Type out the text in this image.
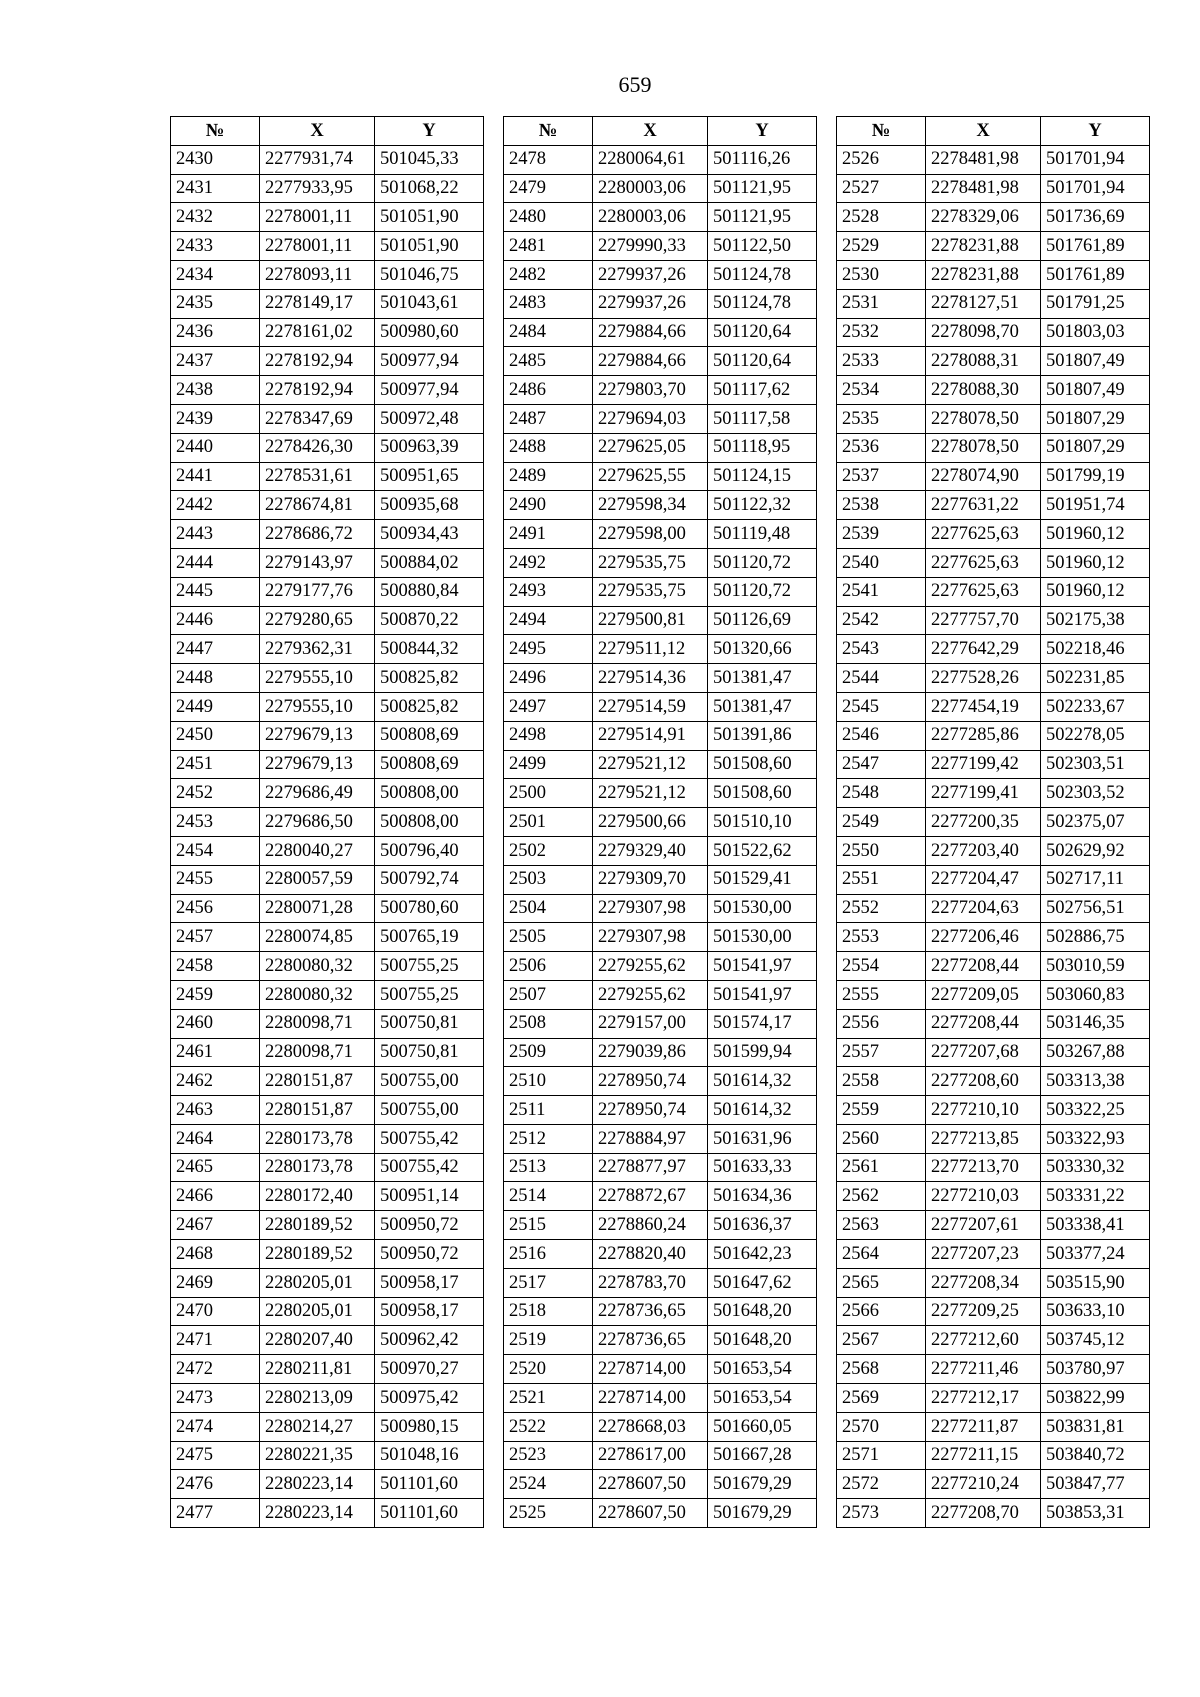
659
№	X	Y
2430	2277931,74	501045,33
2431	2277933,95	501068,22
2432	2278001,11	501051,90
2433	2278001,11	501051,90
2434	2278093,11	501046,75
2435	2278149,17	501043,61
2436	2278161,02	500980,60
2437	2278192,94	500977,94
2438	2278192,94	500977,94
2439	2278347,69	500972,48
2440	2278426,30	500963,39
2441	2278531,61	500951,65
2442	2278674,81	500935,68
2443	2278686,72	500934,43
2444	2279143,97	500884,02
2445	2279177,76	500880,84
2446	2279280,65	500870,22
2447	2279362,31	500844,32
2448	2279555,10	500825,82
2449	2279555,10	500825,82
2450	2279679,13	500808,69
2451	2279679,13	500808,69
2452	2279686,49	500808,00
2453	2279686,50	500808,00
2454	2280040,27	500796,40
2455	2280057,59	500792,74
2456	2280071,28	500780,60
2457	2280074,85	500765,19
2458	2280080,32	500755,25
2459	2280080,32	500755,25
2460	2280098,71	500750,81
2461	2280098,71	500750,81
2462	2280151,87	500755,00
2463	2280151,87	500755,00
2464	2280173,78	500755,42
2465	2280173,78	500755,42
2466	2280172,40	500951,14
2467	2280189,52	500950,72
2468	2280189,52	500950,72
2469	2280205,01	500958,17
2470	2280205,01	500958,17
2471	2280207,40	500962,42
2472	2280211,81	500970,27
2473	2280213,09	500975,42
2474	2280214,27	500980,15
2475	2280221,35	501048,16
2476	2280223,14	501101,60
2477	2280223,14	501101,60
№	X	Y
2478	2280064,61	501116,26
2479	2280003,06	501121,95
2480	2280003,06	501121,95
2481	2279990,33	501122,50
2482	2279937,26	501124,78
2483	2279937,26	501124,78
2484	2279884,66	501120,64
2485	2279884,66	501120,64
2486	2279803,70	501117,62
2487	2279694,03	501117,58
2488	2279625,05	501118,95
2489	2279625,55	501124,15
2490	2279598,34	501122,32
2491	2279598,00	501119,48
2492	2279535,75	501120,72
2493	2279535,75	501120,72
2494	2279500,81	501126,69
2495	2279511,12	501320,66
2496	2279514,36	501381,47
2497	2279514,59	501381,47
2498	2279514,91	501391,86
2499	2279521,12	501508,60
2500	2279521,12	501508,60
2501	2279500,66	501510,10
2502	2279329,40	501522,62
2503	2279309,70	501529,41
2504	2279307,98	501530,00
2505	2279307,98	501530,00
2506	2279255,62	501541,97
2507	2279255,62	501541,97
2508	2279157,00	501574,17
2509	2279039,86	501599,94
2510	2278950,74	501614,32
2511	2278950,74	501614,32
2512	2278884,97	501631,96
2513	2278877,97	501633,33
2514	2278872,67	501634,36
2515	2278860,24	501636,37
2516	2278820,40	501642,23
2517	2278783,70	501647,62
2518	2278736,65	501648,20
2519	2278736,65	501648,20
2520	2278714,00	501653,54
2521	2278714,00	501653,54
2522	2278668,03	501660,05
2523	2278617,00	501667,28
2524	2278607,50	501679,29
2525	2278607,50	501679,29
№	X	Y
2526	2278481,98	501701,94
2527	2278481,98	501701,94
2528	2278329,06	501736,69
2529	2278231,88	501761,89
2530	2278231,88	501761,89
2531	2278127,51	501791,25
2532	2278098,70	501803,03
2533	2278088,31	501807,49
2534	2278088,30	501807,49
2535	2278078,50	501807,29
2536	2278078,50	501807,29
2537	2278074,90	501799,19
2538	2277631,22	501951,74
2539	2277625,63	501960,12
2540	2277625,63	501960,12
2541	2277625,63	501960,12
2542	2277757,70	502175,38
2543	2277642,29	502218,46
2544	2277528,26	502231,85
2545	2277454,19	502233,67
2546	2277285,86	502278,05
2547	2277199,42	502303,51
2548	2277199,41	502303,52
2549	2277200,35	502375,07
2550	2277203,40	502629,92
2551	2277204,47	502717,11
2552	2277204,63	502756,51
2553	2277206,46	502886,75
2554	2277208,44	503010,59
2555	2277209,05	503060,83
2556	2277208,44	503146,35
2557	2277207,68	503267,88
2558	2277208,60	503313,38
2559	2277210,10	503322,25
2560	2277213,85	503322,93
2561	2277213,70	503330,32
2562	2277210,03	503331,22
2563	2277207,61	503338,41
2564	2277207,23	503377,24
2565	2277208,34	503515,90
2566	2277209,25	503633,10
2567	2277212,60	503745,12
2568	2277211,46	503780,97
2569	2277212,17	503822,99
2570	2277211,87	503831,81
2571	2277211,15	503840,72
2572	2277210,24	503847,77
2573	2277208,70	503853,31
